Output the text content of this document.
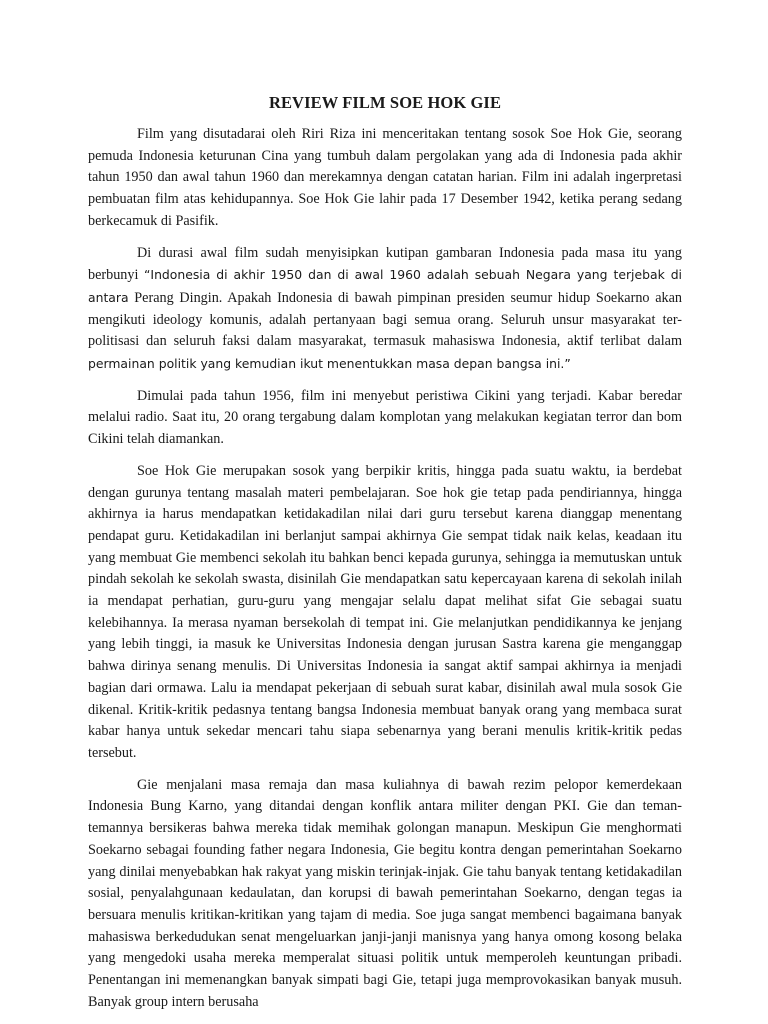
REVIEW FILM SOE HOK GIE

Film yang disutadarai oleh Riri Riza ini menceritakan tentang sosok Soe Hok Gie, seorang pemuda Indonesia keturunan Cina yang tumbuh dalam pergolakan yang ada di Indonesia pada akhir tahun 1950 dan awal tahun 1960 dan merekamnya dengan catatan harian. Film ini adalah ingerpretasi pembuatan film atas kehidupannya. Soe Hok Gie lahir pada 17 Desember 1942, ketika perang sedang berkecamuk di Pasifik.

Di durasi awal film sudah menyisipkan kutipan gambaran Indonesia pada masa itu yang berbunyi “Indonesia di akhir 1950 dan di awal 1960 adalah sebuah Negara yang terjebak di antara Perang Dingin. Apakah Indonesia di bawah pimpinan presiden seumur hidup Soekarno akan mengikuti ideology komunis, adalah pertanyaan bagi semua orang. Seluruh unsur masyarakat ter-politisasi dan seluruh faksi dalam masyarakat, termasuk mahasiswa Indonesia, aktif terlibat dalam permainan politik yang kemudian ikut menentukkan masa depan bangsa ini.”

Dimulai pada tahun 1956, film ini menyebut peristiwa Cikini yang terjadi. Kabar beredar melalui radio. Saat itu, 20 orang tergabung dalam komplotan yang melakukan kegiatan terror dan bom Cikini telah diamankan.

Soe Hok Gie merupakan sosok yang berpikir kritis, hingga pada suatu waktu, ia berdebat dengan gurunya tentang masalah materi pembelajaran. Soe hok gie tetap pada pendiriannya, hingga akhirnya ia harus mendapatkan ketidakadilan nilai dari guru tersebut karena dianggap menentang pendapat guru. Ketidakadilan ini berlanjut sampai akhirnya Gie sempat tidak naik kelas, keadaan itu yang membuat Gie membenci sekolah itu bahkan benci kepada gurunya, sehingga ia memutuskan untuk pindah sekolah ke sekolah swasta, disinilah Gie mendapatkan satu kepercayaan karena di sekolah inilah ia mendapat perhatian, guru-guru yang mengajar selalu dapat melihat sifat Gie sebagai suatu kelebihannya. Ia merasa nyaman bersekolah di tempat ini. Gie melanjutkan pendidikannya ke jenjang yang lebih tinggi, ia masuk ke Universitas Indonesia dengan jurusan Sastra karena gie menganggap bahwa dirinya senang menulis. Di Universitas Indonesia ia sangat aktif sampai akhirnya ia menjadi bagian dari ormawa. Lalu ia mendapat pekerjaan di sebuah surat kabar, disinilah awal mula sosok Gie dikenal. Kritik-kritik pedasnya tentang bangsa Indonesia membuat banyak orang yang membaca surat kabar hanya untuk sekedar mencari tahu siapa sebenarnya yang berani menulis kritik-kritik pedas tersebut.

Gie menjalani masa remaja dan masa kuliahnya di bawah rezim pelopor kemerdekaan Indonesia Bung Karno, yang ditandai dengan konflik antara militer dengan PKI. Gie dan teman-temannya bersikeras bahwa mereka tidak memihak golongan manapun. Meskipun Gie menghormati Soekarno sebagai founding father negara Indonesia, Gie begitu kontra dengan pemerintahan Soekarno yang dinilai menyebabkan hak rakyat yang miskin terinjak-injak. Gie tahu banyak tentang ketidakadilan sosial, penyalahgunaan kedaulatan, dan korupsi di bawah pemerintahan Soekarno, dengan tegas ia bersuara menulis kritikan-kritikan yang tajam di media. Soe juga sangat membenci bagaimana banyak mahasiswa berkedudukan senat mengeluarkan janji-janji manisnya yang hanya omong kosong belaka yang mengedoki usaha mereka memperalat situasi politik untuk memperoleh keuntungan pribadi. Penentangan ini memenangkan banyak simpati bagi Gie, tetapi juga memprovokasikan banyak musuh. Banyak group intern berusaha
